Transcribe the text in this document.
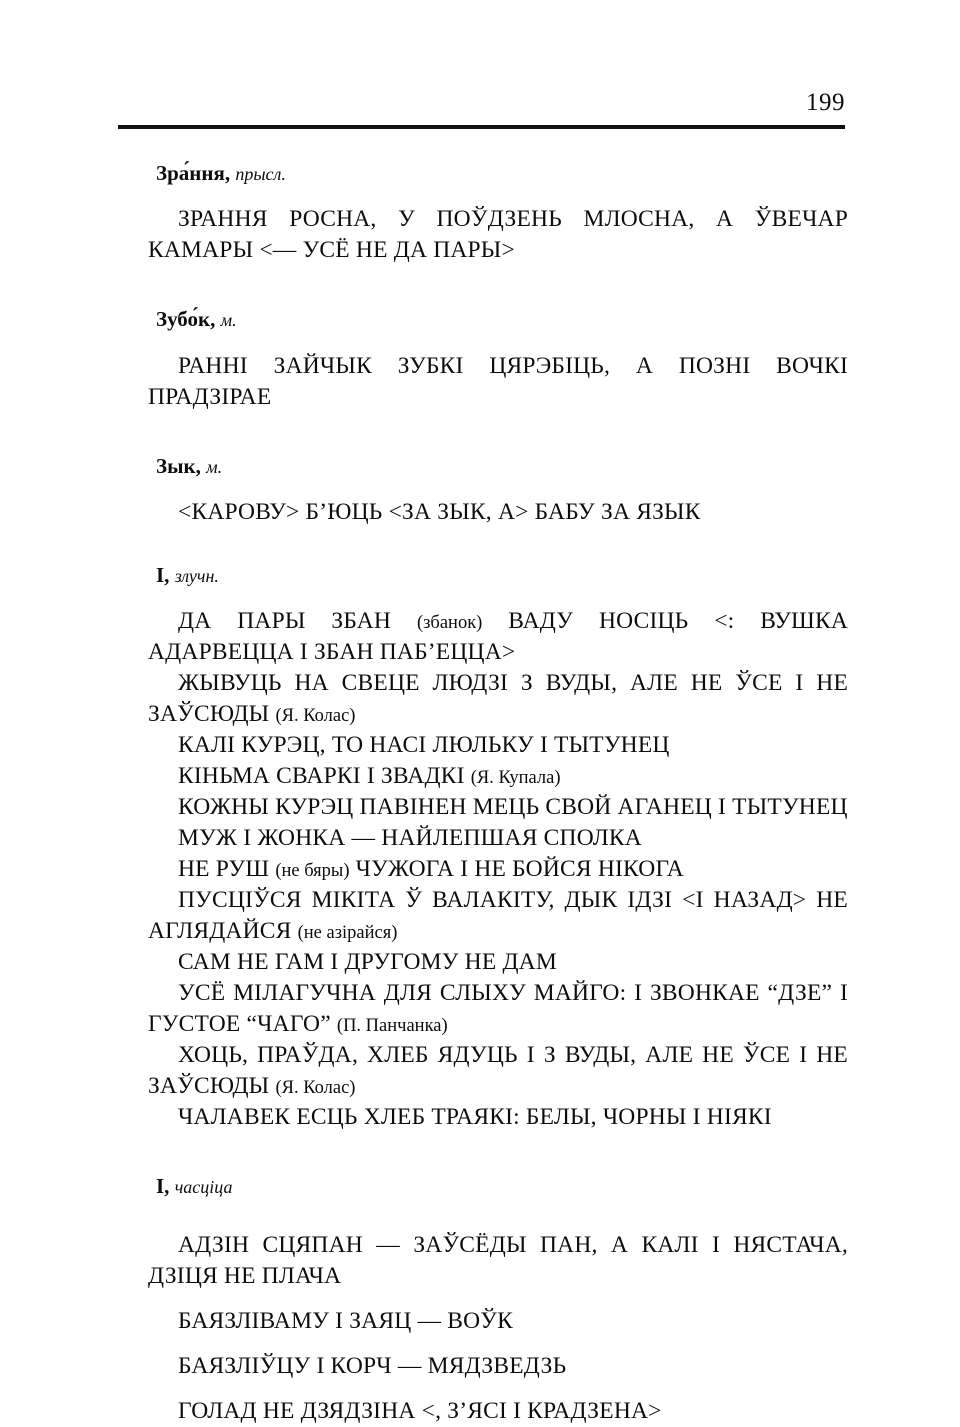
199
Зра́ння, прысл.

ЗРАННЯ РОСНА, У ПОЎДЗЕНЬ МЛОСНА, А ЎВЕЧАР КАМАРЫ <— УСЁ НЕ ДА ПАРЫ>

Зубо́к, м.

РАННІ ЗАЙЧЫК ЗУБКІ ЦЯРЭБІЦЬ, А ПОЗНІ ВОЧКІ ПРАДЗІРАЕ

Зык, м.

<КАРОВУ> Б’ЮЦЬ <ЗА ЗЫК, А> БАБУ ЗА ЯЗЫК

І, злучн.

ДА ПАРЫ ЗБАН (збанок) ВАДУ НОСІЦЬ <: ВУШКА АДАРВЕЦЦА І ЗБАН ПАБ’ЕЦЦА>

ЖЫВУЦЬ НА СВЕЦЕ ЛЮДЗІ З ВУДЫ, АЛЕ НЕ ЎСЕ І НЕ ЗАЎСЮДЫ (Я. Колас)

КАЛІ КУРЭЦ, ТО НАСІ ЛЮЛЬКУ І ТЫТУНЕЦ

КІНЬМА СВАРКІ І ЗВАДКІ (Я. Купала)

КОЖНЫ КУРЭЦ ПАВІНЕН МЕЦЬ СВОЙ АГАНЕЦ І ТЫТУНЕЦ

МУЖ І ЖОНКА — НАЙЛЕПШАЯ СПОЛКА

НЕ РУШ (не бяры) ЧУЖОГА І НЕ БОЙСЯ НІКОГА

ПУСЦІЎСЯ МІКІТА Ў ВАЛАКІТУ, ДЫК ІДЗІ <І НАЗАД> НЕ АГЛЯДАЙСЯ (не азірайся)

САМ НЕ ГАМ І ДРУГОМУ НЕ ДАМ

УСЁ МІЛАГУЧНА ДЛЯ СЛЫХУ МАЙГО: І ЗВОНКАЕ “ДЗЕ” І ГУСТОЕ “ЧАГО” (П. Панчанка)

ХОЦЬ, ПРАЎДА, ХЛЕБ ЯДУЦЬ І З ВУДЫ, АЛЕ НЕ ЎСЕ І НЕ ЗАЎСЮДЫ (Я. Колас)

ЧАЛАВЕК ЕСЦЬ ХЛЕБ ТРАЯКІ: БЕЛЫ, ЧОРНЫ І НІЯКІ

І, часціца

АДЗІН СЦЯПАН — ЗАЎСЁДЫ ПАН, А КАЛІ І НЯСТАЧА, ДЗІЦЯ НЕ ПЛАЧА

БАЯЗЛІВАМУ І ЗАЯЦ — ВОЎК

БАЯЗЛІЎЦУ І КОРЧ — МЯДЗВЕДЗЬ

ГОЛАД НЕ ДЗЯДЗІНА <, З’ЯСІ І КРАДЗЕНА>
